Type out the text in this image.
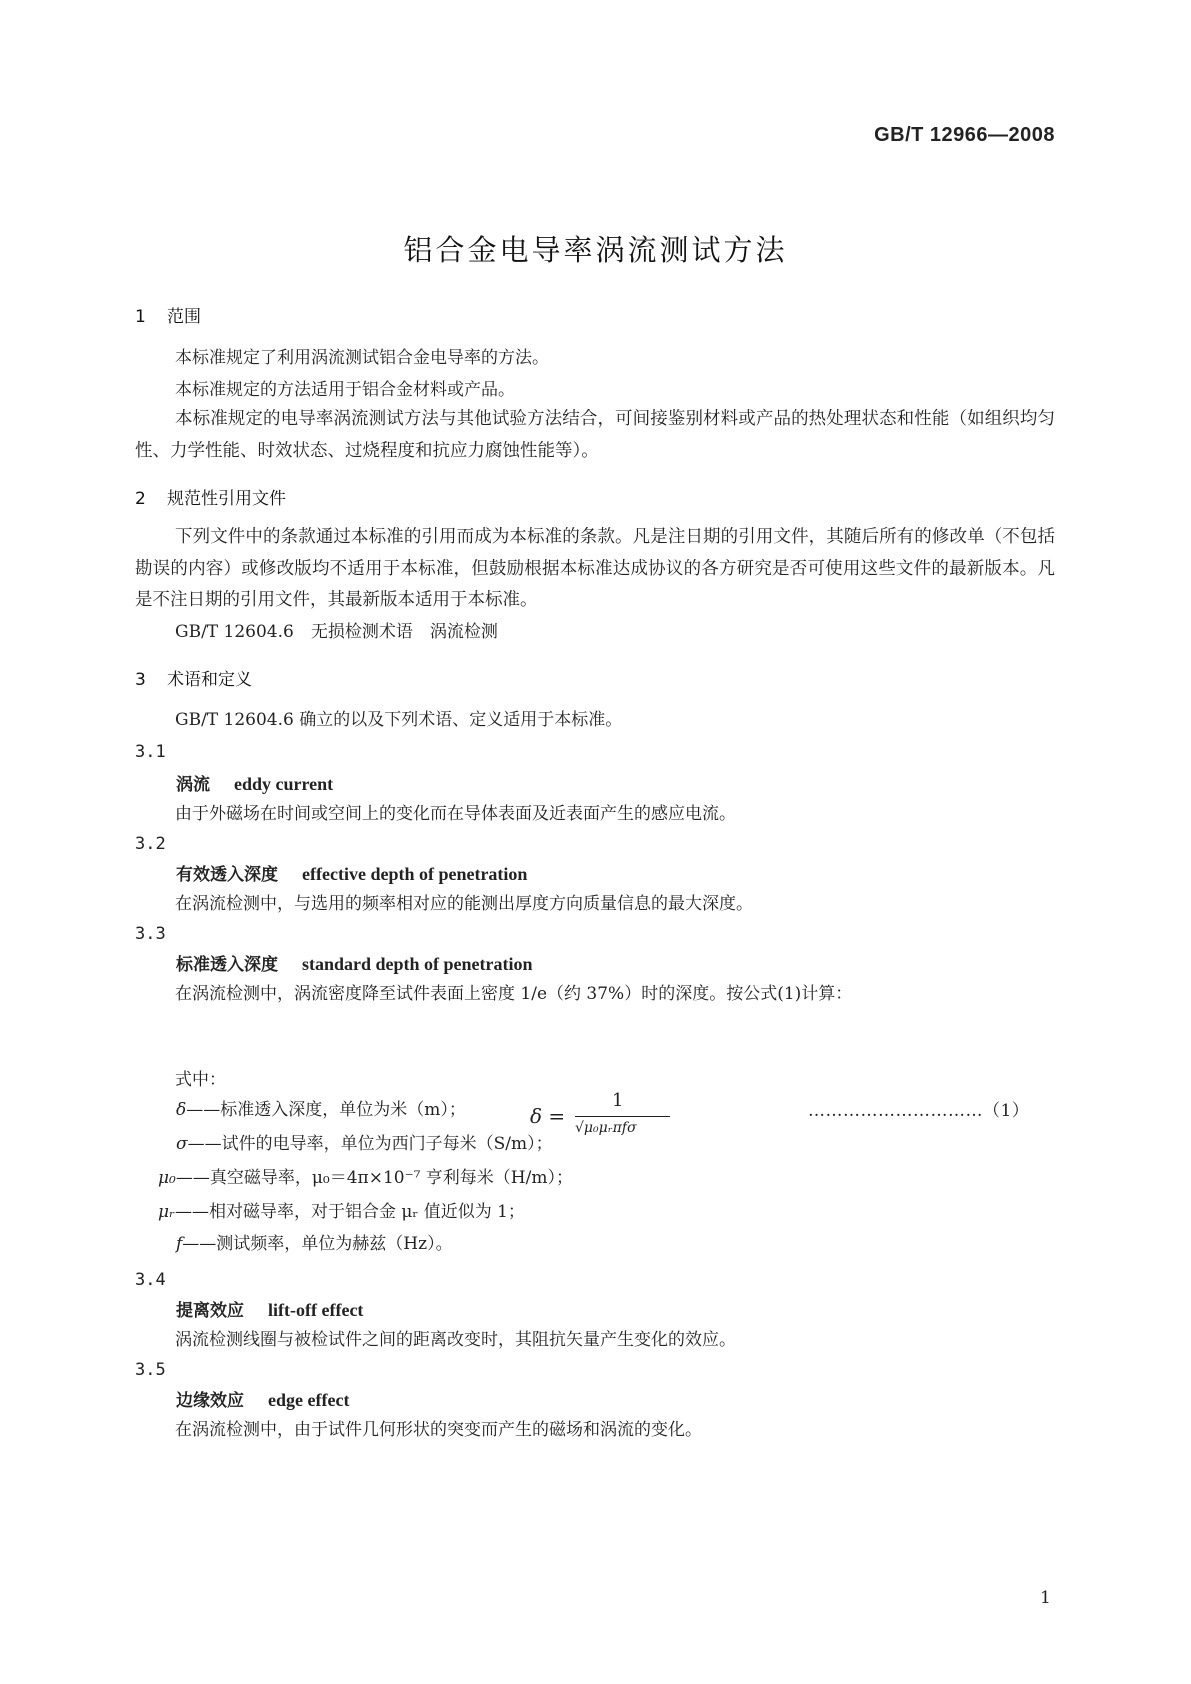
GB/T 12966—2008
铝合金电导率涡流测试方法
1 范围
本标准规定了利用涡流测试铝合金电导率的方法。
本标准规定的方法适用于铝合金材料或产品。
本标准规定的电导率涡流测试方法与其他试验方法结合，可间接鉴别材料或产品的热处理状态和性能（如组织均匀性、力学性能、时效状态、过烧程度和抗应力腐蚀性能等）。
2 规范性引用文件
下列文件中的条款通过本标准的引用而成为本标准的条款。凡是注日期的引用文件，其随后所有的修改单（不包括勘误的内容）或修改版均不适用于本标准，但鼓励根据本标准达成协议的各方研究是否可使用这些文件的最新版本。凡是不注日期的引用文件，其最新版本适用于本标准。
GB/T 12604.6　无损检测术语　涡流检测
3 术语和定义
GB/T 12604.6 确立的以及下列术语、定义适用于本标准。
3.1
涡流 eddy current
由于外磁场在时间或空间上的变化而在导体表面及近表面产生的感应电流。
3.2
有效透入深度 effective depth of penetration
在涡流检测中，与选用的频率相对应的能测出厚度方向质量信息的最大深度。
3.3
标准透入深度 standard depth of penetration
在涡流检测中，涡流密度降至试件表面上密度 1/e（约 37%）时的深度。按公式(1)计算：
δ =
1
√μ₀μᵣπfσ
…………………………（1）
式中：
δ——标准透入深度，单位为米（m）；
σ——试件的电导率，单位为西门子每米（S/m）；
μ₀——真空磁导率，μ₀＝4π×10⁻⁷ 亨利每米（H/m）；
μᵣ——相对磁导率，对于铝合金 μᵣ 值近似为 1；
f——测试频率，单位为赫兹（Hz）。
3.4
提离效应 lift-off effect
涡流检测线圈与被检试件之间的距离改变时，其阻抗矢量产生变化的效应。
3.5
边缘效应 edge effect
在涡流检测中，由于试件几何形状的突变而产生的磁场和涡流的变化。
1
